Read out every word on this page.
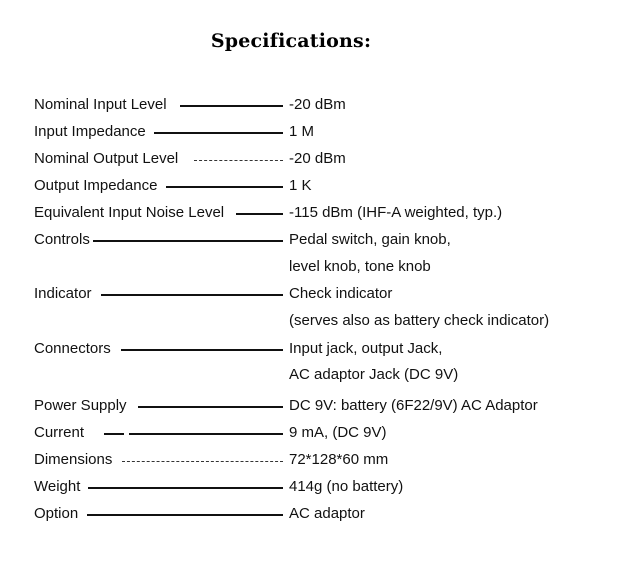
Specifications:
Nominal Input Level	-20 dBm
Input Impedance	1 M
Nominal Output Level	-20 dBm
Output Impedance	1 K
Equivalent Input Noise Level	-115 dBm (IHF-A weighted, typ.)
Controls	Pedal switch, gain knob,
level knob, tone knob
Indicator	Check indicator
(serves also as battery check indicator)
Connectors	Input jack, output Jack,
AC adaptor Jack (DC 9V)
Power Supply	DC 9V: battery (6F22/9V) AC Adaptor
Current	9 mA, (DC 9V)
Dimensions	72*128*60 mm
Weight	414g (no battery)
Option	AC adaptor
